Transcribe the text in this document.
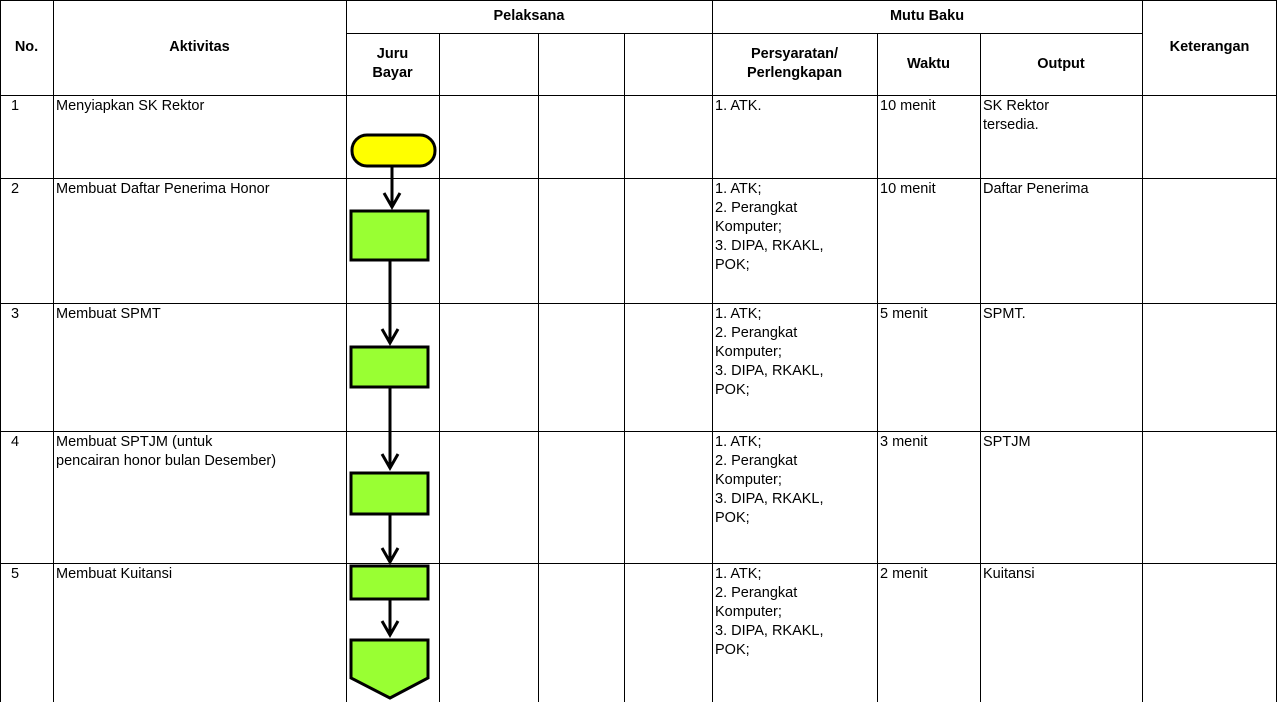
No.	Aktivitas
Pelaksana	Mutu Baku
Keterangan
Juru
Bayar
Persyaratan/
Perlengkapan
Waktu	Output
1	Menyiapkan SK Rektor	1. ATK.	10 menit	SK Rektor
tersedia.
2	Membuat Daftar Penerima Honor	1. ATK;
2. Perangkat
Komputer;
3. DIPA, RKAKL,
POK;
10 menit	Daftar Penerima
3	Membuat SPMT	1. ATK;
2. Perangkat
Komputer;
3. DIPA, RKAKL,
POK;
5 menit	SPMT.
4	Membuat SPTJM (untuk
pencairan honor bulan Desember)
1. ATK;
2. Perangkat
Komputer;
3. DIPA, RKAKL,
POK;
3 menit	SPTJM
5	Membuat Kuitansi	1. ATK;
2. Perangkat
Komputer;
3. DIPA, RKAKL,
POK;
2 menit	Kuitansi
